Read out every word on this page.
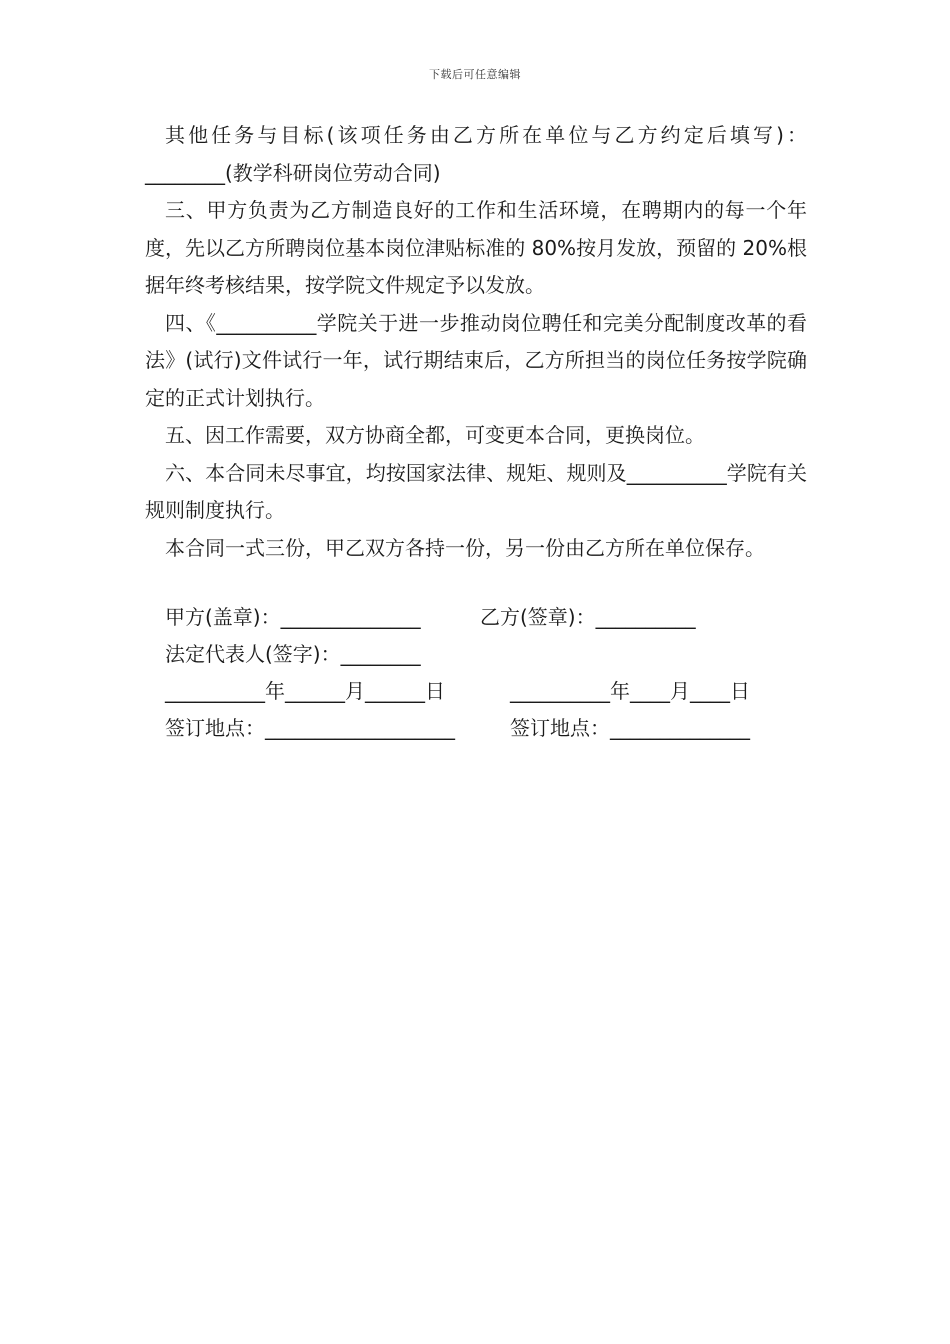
下载后可任意编辑

其他任务与目标(该项任务由乙方所在单位与乙方约定后填写)：________(教学科研岗位劳动合同)

三、甲方负责为乙方制造良好的工作和生活环境，在聘期内的每一个年度，先以乙方所聘岗位基本岗位津贴标准的 80%按月发放，预留的 20%根据年终考核结果，按学院文件规定予以发放。

四、《__________学院关于进一步推动岗位聘任和完美分配制度改革的看法》(试行)文件试行一年，试行期结束后，乙方所担当的岗位任务按学院确定的正式计划执行。

五、因工作需要，双方协商全都，可变更本合同，更换岗位。

六、本合同未尽事宜，均按国家法律、规矩、规则及__________学院有关规则制度执行。

本合同一式三份，甲乙双方各持一份，另一份由乙方所在单位保存。

甲方(盖章)：______________	乙方(签章)：__________
法定代表人(签字)：________
__________年______月______日	__________年____月____日
签订地点：___________________	签订地点：______________
